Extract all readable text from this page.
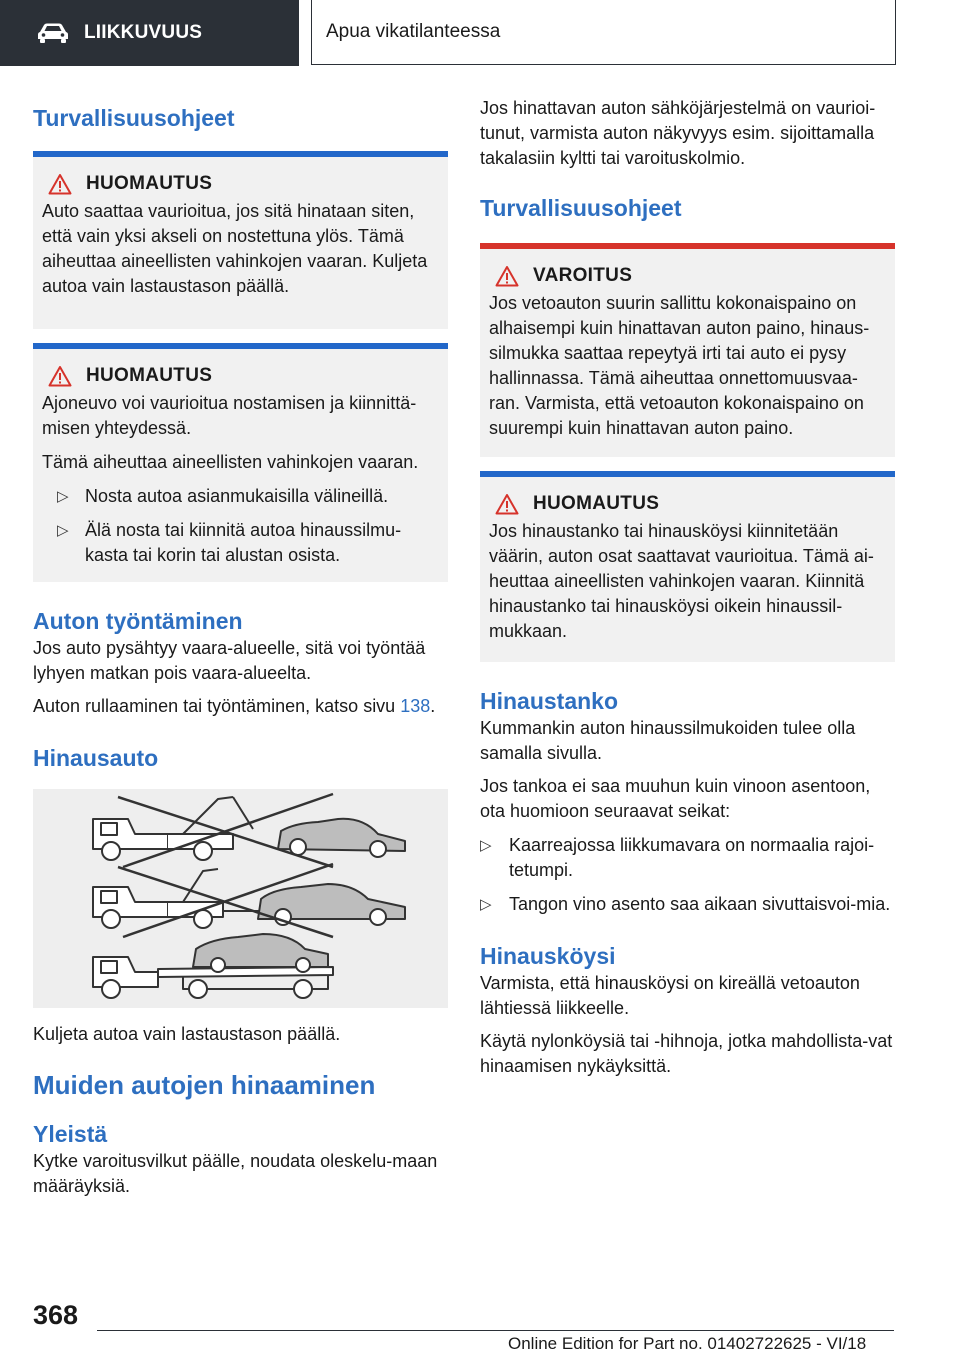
LIIKKUVUUS	Apua vikatilanteessa
Turvallisuusohjeet
HUOMAUTUS

Auto saattaa vaurioitua, jos sitä hinataan siten, että vain yksi akseli on nostettuna ylös. Tämä aiheuttaa aineellisten vahinkojen vaaran. Kuljeta autoa vain lastaustason päällä.

HUOMAUTUS

Ajoneuvo voi vaurioitua nostamisen ja kiinnittä-misen yhteydessä.

Tämä aiheuttaa aineellisten vahinkojen vaaran.

▷ Nosta autoa asianmukaisilla välineillä.
▷ Älä nosta tai kiinnitä autoa hinaussilmu-kasta tai korin tai alustan osista.
Auton työntäminen

Jos auto pysähtyy vaara-alueelle, sitä voi työntää lyhyen matkan pois vaara-alueelta.

Auton rullaaminen tai työntäminen, katso sivu 138.

Hinausauto

Kuljeta autoa vain lastaustason päällä.

Muiden autojen hinaaminen
Yleistä

Kytke varoitusvilkut päälle, noudata oleskelu-maan määräyksiä.

Jos hinattavan auton sähköjärjestelmä on vaurioi-tunut, varmista auton näkyvyys esim. sijoittamalla takalasiin kyltti tai varoituskolmio.

Turvallisuusohjeet
VAROITUS

Jos vetoauton suurin sallittu kokonaispaino on alhaisempi kuin hinattavan auton paino, hinaus-silmukka saattaa repeytyä irti tai auto ei pysy hallinnassa. Tämä aiheuttaa onnettomuusvaa-ran. Varmista, että vetoauton kokonaispaino on suurempi kuin hinattavan auton paino.

HUOMAUTUS

Jos hinaustanko tai hinausköysi kiinnitetään väärin, auton osat saattavat vaurioitua. Tämä ai-heuttaa aineellisten vahinkojen vaaran. Kiinnitä hinaustanko tai hinausköysi oikein hinaussil-mukkaan.

Hinaustanko

Kummankin auton hinaussilmukoiden tulee olla samalla sivulla.

Jos tankoa ei saa muuhun kuin vinoon asentoon, ota huomioon seuraavat seikat:

▷ Kaarreajossa liikkumavara on normaalia rajoi-tetumpi.
▷ Tangon vino asento saa aikaan sivuttaisvoi-mia.
Hinausköysi

Varmista, että hinausköysi on kireällä vetoauton lähtiessä liikkeelle.

Käytä nylonköysiä tai -hihnoja, jotka mahdollista-vat hinaamisen nykäyksittä.

368
Online Edition for Part no. 01402722625 - VI/18
